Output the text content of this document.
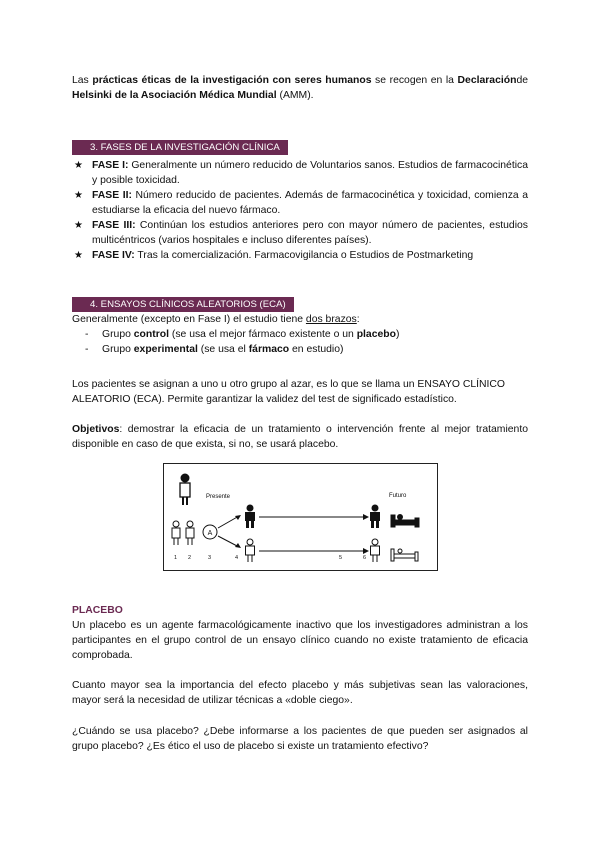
Las prácticas éticas de la investigación con seres humanos se recogen en la Declaraciónde Helsinki de la Asociación Médica Mundial (AMM).
3. FASES DE LA INVESTIGACIÓN CLÍNICA
★ FASE I: Generalmente un número reducido de Voluntarios sanos. Estudios de farmacocinética y posible toxicidad.
★ FASE II: Número reducido de pacientes. Además de farmacocinética y toxicidad, comienza a estudiarse la eficacia del nuevo fármaco.
★ FASE III: Continúan los estudios anteriores pero con mayor número de pacientes, estudios multicéntricos (varios hospitales e incluso diferentes países).
★ FASE IV: Tras la comercialización. Farmacovigilancia o Estudios de Postmarketing
4. ENSAYOS CLÍNICOS ALEATORIOS (ECA)
Generalmente (excepto en Fase I) el estudio tiene dos brazos:
- Grupo control (se usa el mejor fármaco existente o un placebo)
- Grupo experimental (se usa el fármaco en estudio)
Los pacientes se asignan a uno u otro grupo al azar, es lo que se llama un ENSAYO CLÍNICO ALEATORIO (ECA). Permite garantizar la validez del test de significado estadístico.
Objetivos: demostrar la eficacia de un tratamiento o intervención frente al mejor tratamiento disponible en caso de que exista, si no, se usará placebo.
Presente	Futuro
A
1 2	3	4	5	6
PLACEBO
Un placebo es un agente farmacológicamente inactivo que los investigadores administran a los participantes en el grupo control de un ensayo clínico cuando no existe tratamiento de eficacia comprobada.
Cuanto mayor sea la importancia del efecto placebo y más subjetivas sean las valoraciones, mayor será la necesidad de utilizar técnicas a «doble ciego».
¿Cuándo se usa placebo? ¿Debe informarse a los pacientes de que pueden ser asignados al grupo placebo? ¿Es ético el uso de placebo si existe un tratamiento efectivo?
